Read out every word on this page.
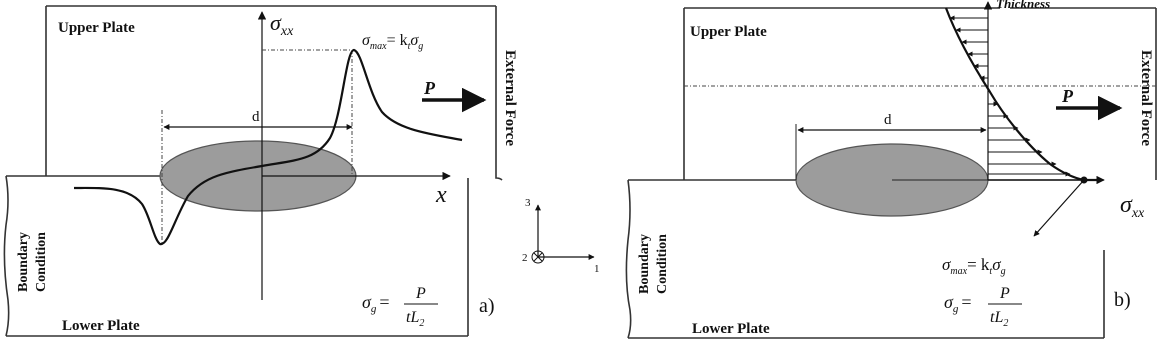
Upper Plate
Lower Plate
Boundary Condition
External Force
$\sigma_{xx}$
x
d
$\sigma_{max}= k_t\sigma_g$
P
$\sigma_g = P$
$tL_2$
a)
3
2
1
Upper Plate
Lower Plate
Boundary Condition
External Force
Thickness
$\sigma_{xx}$
d
P
$\sigma_{max}= k_t\sigma_g$
$\sigma_g = P$
$tL_2$
b)
